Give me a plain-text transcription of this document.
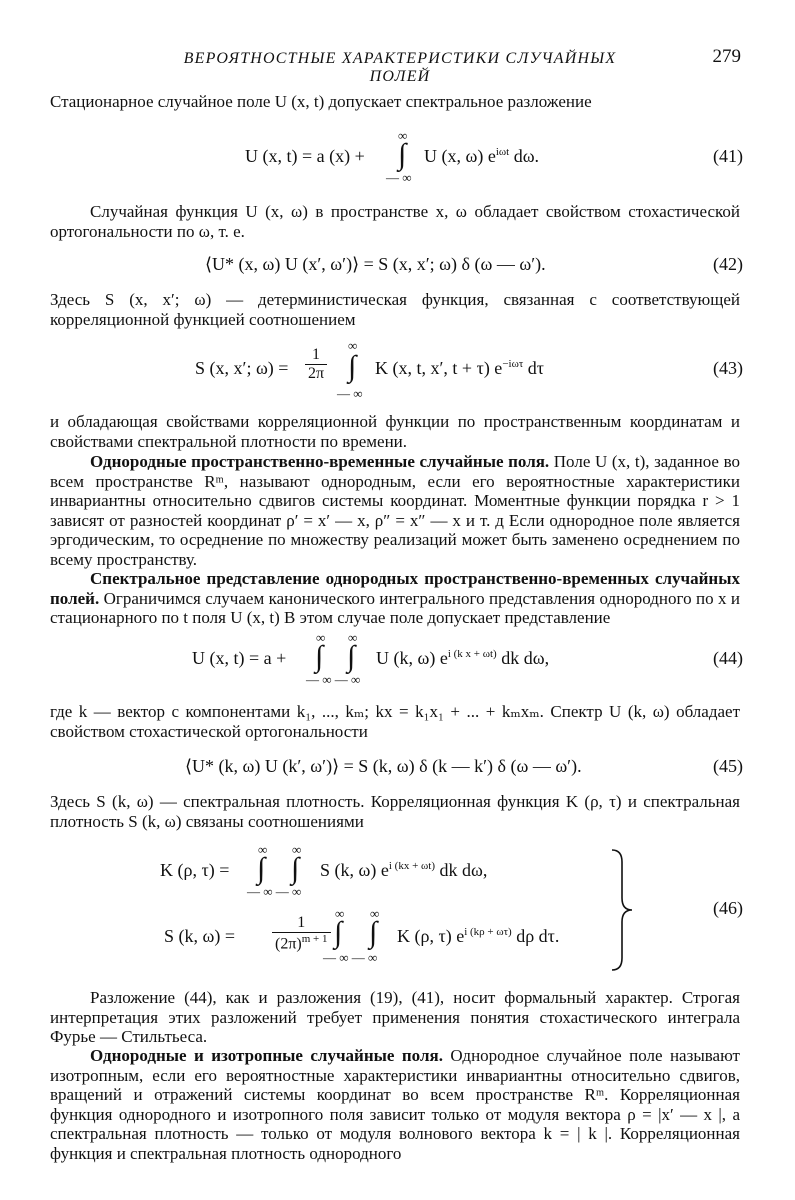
ВЕРОЯТНОСТНЫЕ ХАРАКТЕРИСТИКИ СЛУЧАЙНЫХ ПОЛЕЙ
279
Стационарное случайное поле U (x, t) допускает спектральное разложение
U (x, t) = a (x) +
∞
∫
— ∞
U (x, ω) $e^{i\omega t}$ dω.	(41)
Случайная функция U (x, ω) в пространстве x, ω обладает свойством стохастической ортогональности по ω, т. е.
⟨U* (x, ω) U (x′, ω′)⟩ = S (x, x′; ω) δ (ω — ω′).	(42)
Здесь S (x, x′; ω) — детерминистическая функция, связанная с соответствующей корреляционной функцией соотношением
S (x, x′; $\omega) = \frac{1}{2\pi}$
∞
∫
— ∞
K (x, t, x′, t + τ) $e^{-i\omega\tau}$ dτ	(43)
и обладающая свойствами корреляционной функции по пространственным координатам и свойствами спектральной плотности по времени.
Однородные пространственно-временные случайные поля. Поле U (x, t), заданное во всем пространстве Rᵐ, называют однородным, если его вероятностные характеристики инвариантны относительно сдвигов системы координат. Моментные функции порядка r > 1 зависят от разностей координат ρ′ = x′ — x, ρ″ = x″ — x и т. д Если однородное поле является эргодическим, то осреднение по множеству реализаций может быть заменено осреднением по всему пространству.
Спектральное представление однородных пространственно-временных случайных полей. Ограничимся случаем канонического интегрального представления однородного по x и стационарного по t поля U (x, t) В этом случае поле допускает представление
U (x, t) = a +
∞ ∞
∫ ∫
— ∞ — ∞
U (k, ω) $e^{i (k x + \omega t)}$ dk dω,	(44)
где k — вектор с компонентами k₁, ..., kₘ; kx = k₁x₁ + ... + kₘxₘ. Спектр U (k, ω) обладает свойством стохастической ортогональности
⟨U* (k, ω) U (k′, ω′)⟩ = S (k, ω) δ (k — k′) δ (ω — ω′).	(45)
Здесь S (k, ω) — спектральная плотность. Корреляционная функция K (ρ, τ) и спектральная плотность S (k, ω) связаны соотношениями
K (ρ, τ) =
∞ ∞
∫ ∫
— ∞ — ∞
S (k, ω) $e^{i (kx + \omega t)}$ dk dω,
S (k, $\omega) = \frac{1}{(2\pi)^{m + 1}}$
∞ ∞
∫ ∫
— ∞ — ∞
K (ρ, τ) $e^{i (k\rho + \omega\tau)}$ dρ dτ.
(46)
Разложение (44), как и разложения (19), (41), носит формальный характер. Строгая интерпретация этих разложений требует применения понятия стохастического интеграла Фурье — Стильтьеса.
Однородные и изотропные случайные поля. Однородное случайное поле называют изотропным, если его вероятностные характеристики инвариантны относительно сдвигов, вращений и отражений системы координат во всем пространстве Rᵐ. Корреляционная функция однородного и изотропного поля зависит только от модуля вектора ρ = |x′ — x |, а спектральная плотность — только от модуля волнового вектора k = | k |. Корреляционная функция и спектральная плотность однородного
